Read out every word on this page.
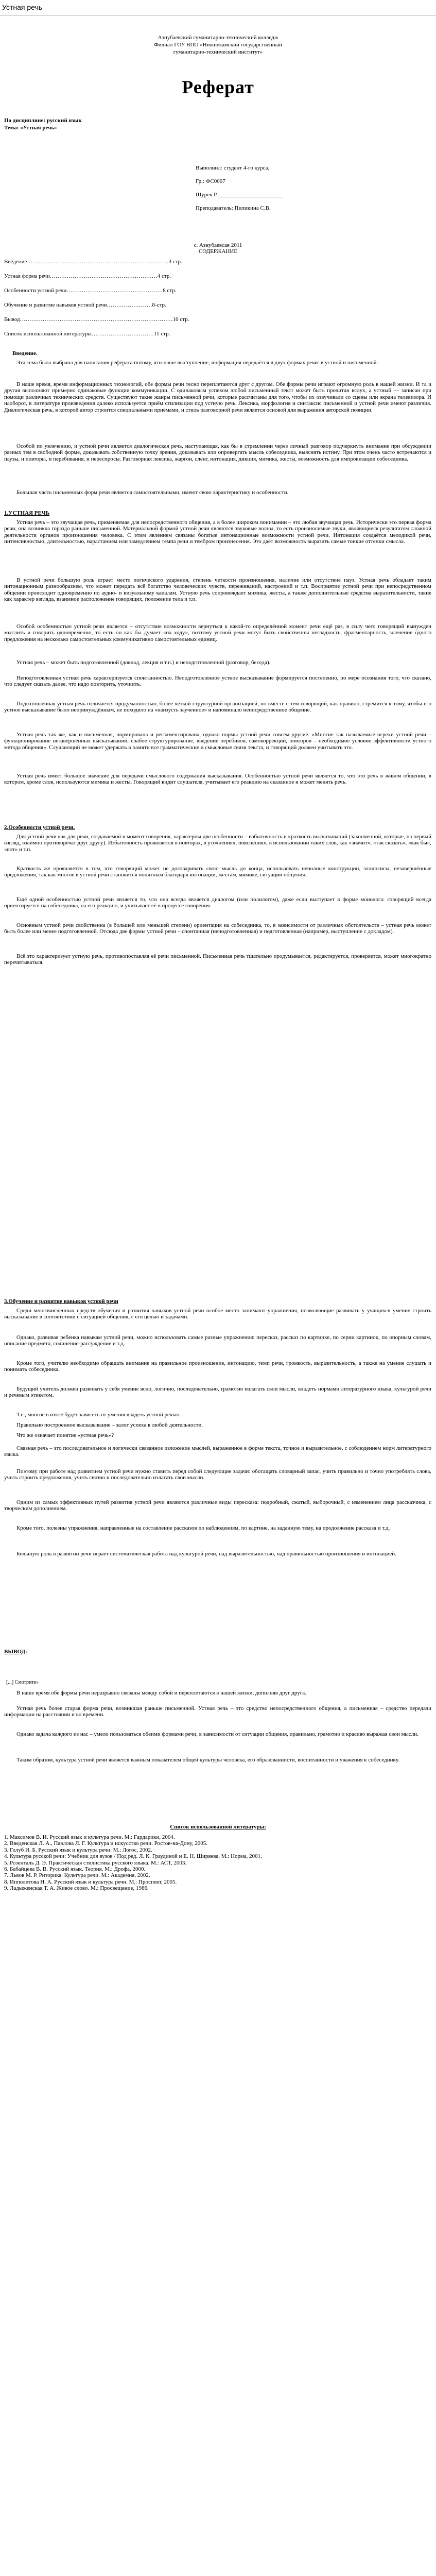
Устная речь

Азнубаевский гуманитарно-технический колледж

Филиал ГОУ ВПО «Нижнекамский государственный

гуманитарно-технический институт»

Реферат
По дисциплине: русский язык
Тема: «Устная речь»

Выполнил: студент 4-го курса,

Гр.: ФС0007

Шурек Р._______________________

Преподаватель: Пиликина С.В.

с. Азнубаевсав 2011
СОДЕРЖАНИЕ

Введение…………………………………………………………………3 стр.

Устная форма речи…………………………………………………4 стр.

Особенности устной речи……………………………………………8 стр.

Обучение и развитие навыков устной речи……………………8-стр.

Вывод………………………………………………………………………10 стр.

Список использованной литературы……………………………11 стр.

Введение.
Эта тема была выбрана для написания реферата потому, что-нашe выступление, информация передаётся в двух формах речи: в устной и письменной.
В наше время, время информационных технологий, обе формы речи тесно переплетаются друг с другом. Обе формы речи играют огромную роль в нашей жизни. И та и другая выполняют примерно одинаковые функции коммуникации. С одинаковым успехом любой письменный текст может быть прочитан вслух, а устный — записан при помощи различных технических средств. Существуют такие жанры письменной речи, которые рассчитаны для того, чтобы их озвучивали со сцены или экрана телевизора. И наоборот, в литературе произведения далеко используется приём стилизации под устную речь. Лексика, морфология и синтаксис письменной и устной речи имеют различия. Диалогическая речь, в которой автор строится специальными приёмами, и стиль разговорной речи является основой для выражения авторской позиции.
Особой по увлечению, и устной речи является диалогическая речь, наступающая, как бы в стремлении через личный разговор подчеркнуть внимание при обсуждении разных тем в свободной форме, доказывать собственную точку зрения, доказывать или опровергать мысль собеседника, выяснять истину. При этом очень часто встречаются и паузы, и повторы, и перебивания, и переспросы. Разговорная лексика, жаргон, сленг, интонация, дикция, мимика, жесты, возможность для импровизации собеседника.
Большая часть письменных форм речи является самостоятельными, имеют свою характеристику и особенности.
1.УСТНАЯ РЕЧЬ
Устная речь – это звучащая речь, применяемая для непосредственного общения, а в более широком понимании – это любая звучащая речь. Исторически это первая форма речи, она возникла гораздо раньше письменной. Материальной формой устной речи являются звуковые волны, то есть произносимые звуки, являющиеся результатом сложной деятельности органов произношения человека. С этим явлением связаны богатые интонационные возможности устной речи. Интонация создаётся мелодикой речи, интенсивностью, длительностью, нарастанием или замедлением темпа речи и тембром произнесения. Это даёт возможность выразить самые тонкие оттенки смысла.
В устной речи большую роль играет место логического ударения, степень четкости произношения, наличие или отсутствие пауз. Устная речь обладает таким интонационным разнообразием, что может передать всё богатство человеческих чувств, переживаний, настроений и т.п. Восприятие устной речи при непосредственном общении происходит одновременно по аудио- и визуальному каналам. Устную речь сопровождает мимика, жесты, а также дополнительные средства выразительности, такие как характер взгляда, взаимное расположение говорящих, положение тела и т.п.
Особой особенностью устной речи является – отсутствие возможности вернуться к какой-то определённой момент речи ещё раз, в силу чего говорящий вынужден мыслить и говорить одновременно, то есть он как бы думает «на ходу», поэтому устной речи могут быть свойственны негладкость, фрагментарность, членение одного предложения на несколько самостоятельных коммуникативно самостоятельных единиц.
Устная речь – может быть подготовленной (доклад, лекция и т.п.) и неподготовленной (разговор, беседа).
Неподготовленная устная речь характеризуется спонтанностью. Неподготовленное устное высказывание формируется постепенно, по мере осознания того, что сказано, что следует сказать далее, что надо повторить, уточнить.
Подготовленная устная речь отличается продуманностью, более чёткой структурной организацией, но вместе с тем говорящий, как правило, стремится к тому, чтобы его устное высказывание было непринуждённым, не походило на «наизусть заученное» и напоминало непосредственное общение.
Устная речь так же, как и письменная, нормирована и регламентирована, однако нормы устной речи совсем другие. «Многие так называемые огрехи устной речи – функционирование незавершённых высказываний, слабое структурирование, введение перебивов, самокоррекций, повторов – необходимое условие эффективности устного метода общения». Слушающий не может удержать в памяти все грамматические и смысловые связи текста, и говорящий должен учитывать это.
Устная речь имеет большое значение для передачи смыслового содержания высказывания. Особенностью устной речи является то, что это речь в живом общении, в котором, кроме слов, используются мимика и жесты. Говорящий видит слушателя, учитывает его реакцию на сказанное и может менять речь.
2.Особенности устной речи.
Для устной речи как для речи, создаваемой в момент говорения, характерны две особенности – избыточность и краткость высказываний (законченной, которые, на первый взгляд, взаимно противоречат друг другу). Избыточность проявляется в повторах, в уточнениях, пояснениях, в использовании таких слов, как «значит», «так сказать», «как бы», «вот» и т.п.
Краткость же проявляется в том, что говорящий может не договаривать свою мысль до конца, использовать неполные конструкции, эллипсисы, незавершённые предложения, так как многое в устной речи становится понятным благодаря интонации, жестам, мимике, ситуации общения.
Ещё одной особенностью устной речи является то, что она всегда является диалогом (или полилогом), даже если выступает в форме монолога: говорящий всегда ориентируется на собеседника, на его реакцию, и учитывает её в процессе говорения.
Основным устной речи свойственна (в большей или меньшей степени) ориентация на собеседника, то, в зависимости от различных обстоятельств – устная речь может быть более или менее подготовленной. Отсюда две формы устной речи – спонтанная (неподготовленная) и подготовленная (например, выступление с докладом).
Всё это характеризует устную речь, противопоставляя её речи письменной. Письменная речь тщательно продумывается, редактируется, проверяется, может многократно перечитываться.
3.Обучение и развитие навыков устной речи
Среди многочисленных средств обучения и развития навыков устной речи особое место занимают упражнения, позволяющие развивать у учащихся умение строить высказывание в соответствии с ситуацией общения, с его целью и задачами.
Однако, развивая ребенка навыкам устной речи, можно использовать самые разные упражнения: пересказ, рассказ по картинке, по серии картинок, по опорным словам, описание предмета, сочинение-рассуждение и т.д.
Кроме того, учителю необходимо обращать внимание на правильное произношение, интонацию, темп речи, громкость, выразительность, а также на умение слушать и понимать собеседника.
Будущий учитель должен развивать у себя умение ясно, логично, последовательно, грамотно излагать свои мысли, владеть нормами литературного языка, культурой речи и речевым этикетом.
Т.е., многое в итоге будет зависеть от умения владеть устной речью.
Правильно построенное высказывание – залог успеха в любой деятельности.
Что же означает понятие «устная речь»?
Связная речь – это последовательное и логически связанное изложение мыслей, выраженное в форме текста, точное и выразительное, с соблюдением норм литературного языка.
Поэтому при работе над развитием устной речи нужно ставить перед собой следующие задачи: обогащать словарный запас, учить правильно и точно употреблять слова, учить строить предложения, учить связно и последовательно излагать свои мысли.
Одним из самых эффективных путей развития устной речи являются различные виды пересказа: подробный, сжатый, выборочный, с изменением лица рассказчика, с творческим дополнением.
Кроме того, полезны упражнения, направленные на составление рассказов по наблюдениям, по картине, на заданную тему, на продолжение рассказа и т.д.
Большую роль в развитии речи играет систематическая работа над культурой речи, над выразительностью, над правильностью произношения и интонацией.
ВЫВОД:
[...] Смотрите»
В наше время обе формы речи неразрывно связаны между собой и переплетаются в нашей жизни, дополняя друг друга.
Устная речь более старая форма речи, возникшая раньше письменной. Устная речь – это средство непосредственного общения, а письменная – средство передачи информации на расстоянии и во времени.
Однако задача каждого из нас – умело пользоваться обеими формами речи, в зависимости от ситуации общения, правильно, грамотно и красиво выражая свои мысли.
Таким образом, культура устной речи является важным показателем общей культуры человека, его образованности, воспитанности и уважения к собеседнику.
Список использованной литературы:

1. Максимов В. И. Русский язык и культура речи. М.: Гардарики, 2004.

2. Введенская Л. А., Павлова Л. Г. Культура и искусство речи. Ростов-на-Дону, 2005.

3. Голуб И. Б. Русский язык и культура речи. М.: Логос, 2002.

4. Культура русской речи: Учебник для вузов / Под ред. Л. К. Граудиной и Е. Н. Ширяева. М.: Норма, 2001.

5. Розенталь Д. Э. Практическая стилистика русского языка. М.: АСТ, 2003.

6. Бабайцева В. В. Русский язык. Теория. М.: Дрофа, 2000.

7. Львов М. Р. Риторика. Культура речи. М.: Академия, 2002.

8. Ипполитова Н. А. Русский язык и культура речи. М.: Проспект, 2005.

9. Ладыженская Т. А. Живое слово. М.: Просвещение, 1986.
